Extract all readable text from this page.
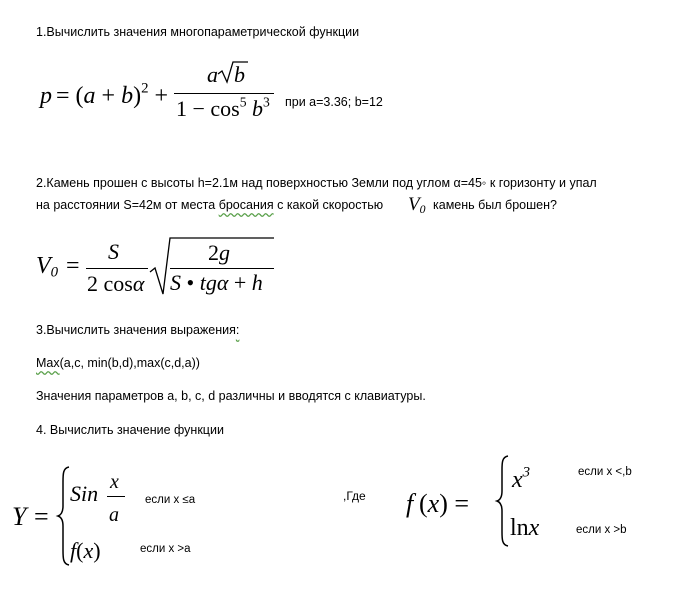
1.Вычислить значения многопараметрической функции
$p = (a + b)^2$ +
a b
$1 - \cos^5 b^3$ при а=3.36; b=12
2.Камень прошен с высоты h=2.1м над поверхностью Земли под углом α=45◦ к горизонту и упал
на расстоянии S=42м от места бросания с какой скоростью $V_0$ камень был брошен?
$V_0$ =
S
2 cosα
2g
S • tgα + h
3.Вычислить значения выражения:
Max(a,c, min(b,d),max(c,d,a))
Значения параметров a, b, c, d различны и вводятся с клавиатуры.
4. Вычислить значение функции
Y =
Sin x
a
f(x)
если х ≤а
если х >а
,Где f (x) =
$x^3$
lnx
если х <,b
если х >b
